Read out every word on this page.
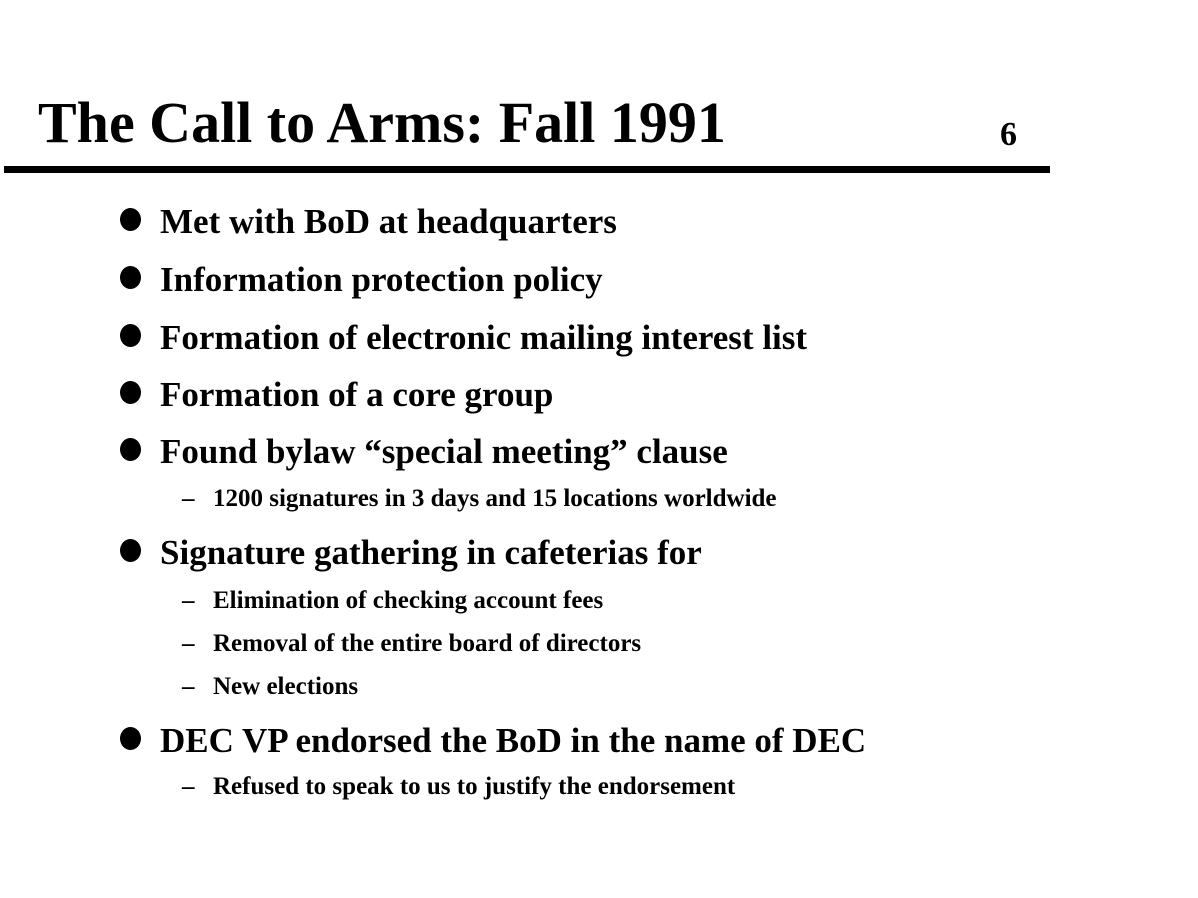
The Call to Arms: Fall 1991	6
Met with BoD at headquarters
Information protection policy
Formation of electronic mailing interest list
Formation of a core group
Found bylaw “special meeting” clause
– 1200 signatures in 3 days and 15 locations worldwide
Signature gathering in cafeterias for
– Elimination of checking account fees
– Removal of the entire board of directors
– New elections
DEC VP endorsed the BoD in the name of DEC
– Refused to speak to us to justify the endorsement
